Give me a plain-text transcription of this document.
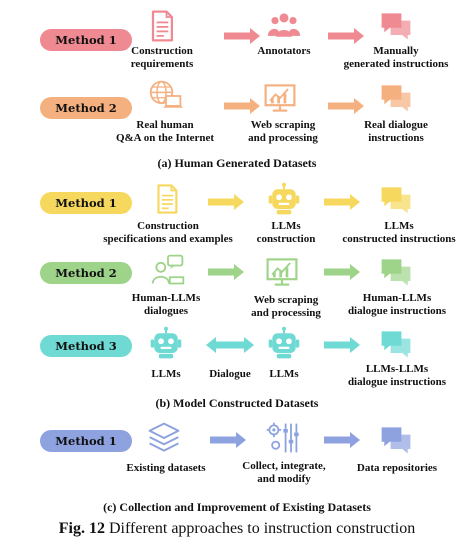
Method 1
Construction
requirements
Annotators	Manually
generated instructions
Method 2
Real human
Q&A on the Internet
Web scraping
and processing
Real dialogue
instructions
(a) Human Generated Datasets
Method 1
Construction
specifications and examples
LLMs
construction
LLMs
constructed instructions
Method 2
Human-LLMs
dialogues
Web scraping
and processing
Human-LLMs
dialogue instructions
Method 3
LLMs	Dialogue	LLMs	LLMs-LLMs
dialogue instructions
(b) Model Constructed Datasets
Method 1
Existing datasets	Collect, integrate,
and modify
Data repositories
(c) Collection and Improvement of Existing Datasets
Fig. 12 Different approaches to instruction construction
